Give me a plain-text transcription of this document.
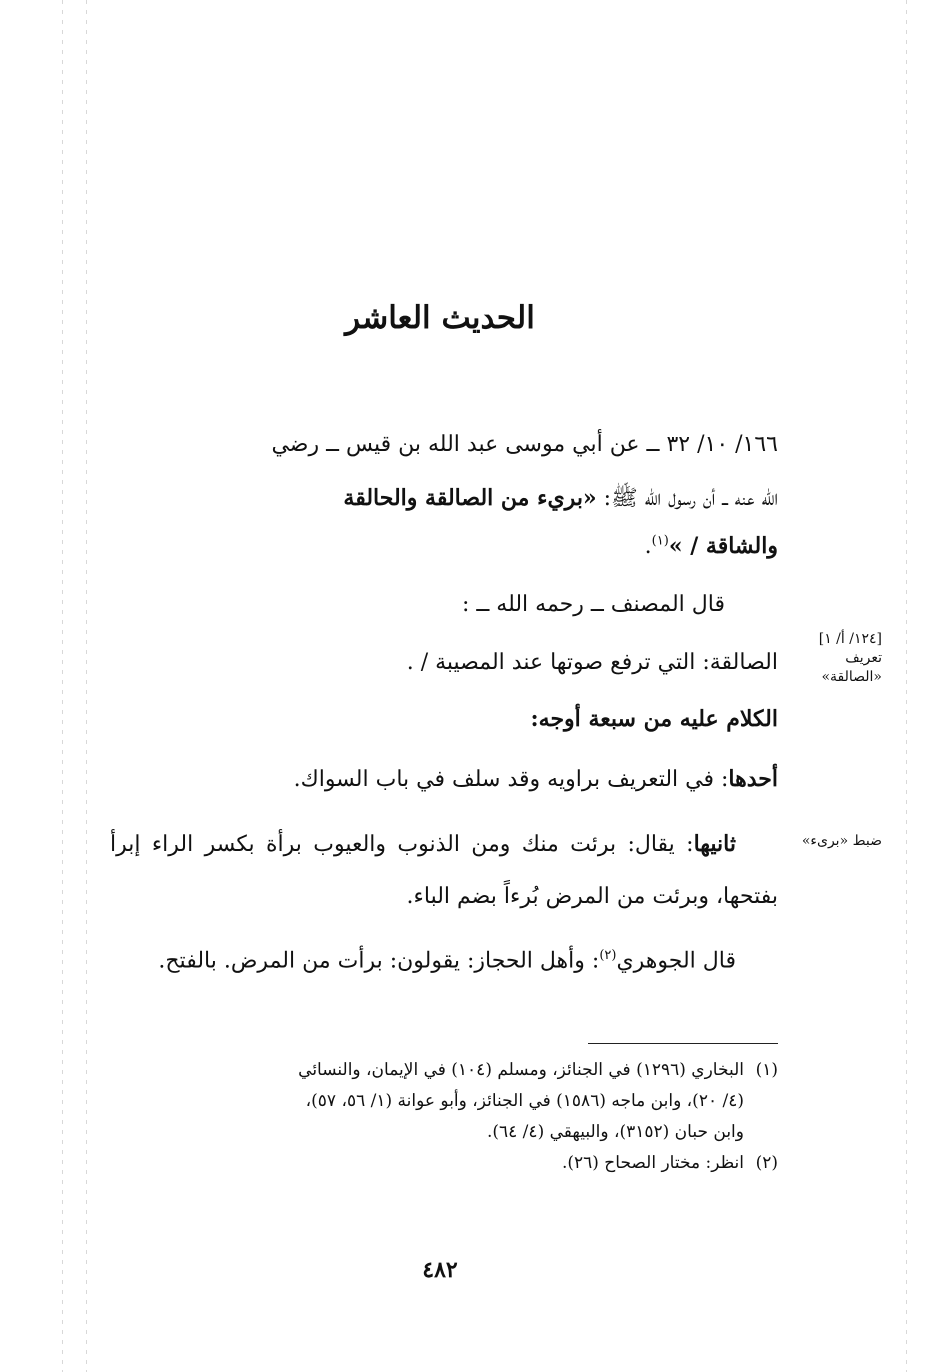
الحديث العاشر
١٦٦/ ١٠/ ٣٢ ــ عن أبي موسى عبد الله بن قيس ــ رضي
الله عنه ــ أن رسول الله ﷺ: «بريء من الصالقة والحالقة
والشاقة / »$^{(١)}$.
قال المصنف ــ رحمه الله ــ :
الصالقة: التي ترفع صوتها عند المصيبة / .
الكلام عليه من سبعة أوجه:
أحدها: في التعريف براويه وقد سلف في باب السواك.
ثانيها: يقال: برئت منك ومن الذنوب والعيوب برأة بكسر الراء إبرأ بفتحها، وبرئت من المرض بُرءاً بضم الباء.
قال الجوهري$^{(٢)}$: وأهل الحجاز: يقولون: برأت من المرض. بالفتح.
[١٢٤/ أ/ ١]
تعريف
«الصالقة»
ضبط «برىء»
(١)البخاري (١٢٩٦) في الجنائز، ومسلم (١٠٤) في الإيمان، والنسائي
(٤/ ٢٠)، وابن ماجه (١٥٨٦) في الجنائز، وأبو عوانة (١/ ٥٦، ٥٧)،
وابن حبان (٣١٥٢)، والبيهقي (٤/ ٦٤).
(٢)انظر: مختار الصحاح (٢٦).
٤٨٢
